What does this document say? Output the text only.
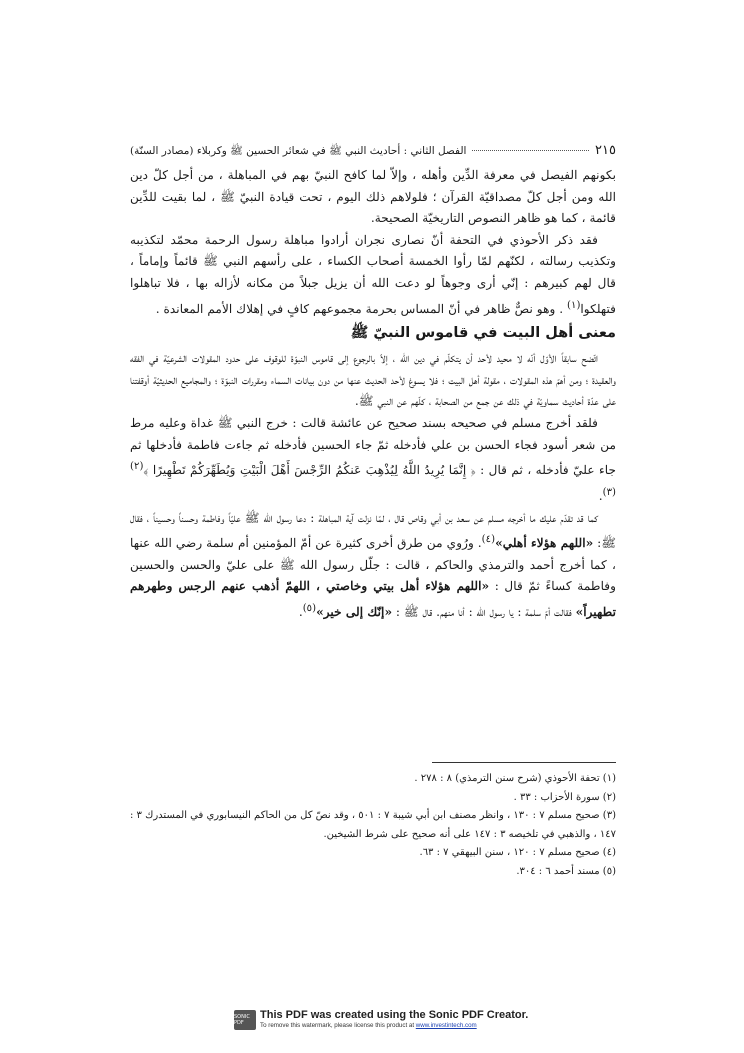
الفصل الثاني : أحاديث النبي ﷺ في شعائر الحسين ﷺ وكربلاء (مصادر السنّة)	٢١٥

بكونهم الفيصل في معرفة الدِّين وأهله ، وإلاّ لما كافح النبيّ بهم في المباهلة ، من أجل كلّ دين الله ومن أجل كلّ مصداقيّة القرآن ؛ فلولاهم ذلك اليوم ، تحت قيادة النبيّ ﷺ ، لما بقيت للدِّين قائمة ، كما هو ظاهر النصوص التاريخيّة الصحيحة.

فقد ذكر الأحوذي في التحفة أنّ نصارى نجران أرادوا مباهلة رسول الرحمة محمّد لتكذيبه وتكذيب رسالته ، لكنّهم لمّا رأوا الخمسة أصحاب الكساء ، على رأسهم النبي ﷺ قائماً وإماماً ، قال لهم كبيرهم : إنّي أرى وجوهاً لو دعت الله أن يزيل جبلاً من مكانه لأزاله بها ، فلا تباهلوا فتهلكوا$^{(١)}$ . وهو نصٌّ ظاهر في أنّ المساس بحرمة مجموعهم كافٍ في إهلاك الأمم المعاندة .

معنى أهل البيت في قاموس النبيّ ﷺ

اتّضح سابقاً الأوّل أنّه لا محيد لأحد أن يتكلّم في دين الله ، إلاّ بالرجوع إلى قاموس النبوّة للوقوف على حدود المقولات الشرعيّة في الفقه والعقيدة ؛ ومن أهمّ هذه المقولات ، مقولة أهل البيت ؛ فلا يسوغ لأحد الحديث عنها من دون بيانات السماء ومقررات النبوّة ؛ والمجاميع الحديثيّة أوقفتنا على عدّة أحاديث سماويّة في ذلك عن جمع من الصحابة ، كلّهم عن النبي ﷺ.

فلقد أخرج مسلم في صحيحه بسند صحيح عن عائشة قالت : خرج النبي ﷺ غداة وعليه مرط من شعر أسود فجاء الحسن بن علي فأدخله ثمّ جاء الحسين فأدخله ثم جاءت فاطمة فأدخلها ثم جاء عليّ فأدخله ، ثم قال : ﴿ إِنَّمَا يُرِيدُ اللَّهُ لِيُذْهِبَ عَنكُمُ الرِّجْسَ أَهْلَ الْبَيْتِ وَيُطَهِّرَكُمْ تَطْهِيرًا ﴾$^{(٢) (٣)}$.

كما قد تقدّم عليك ما أخرجه مسلم عن سعد بن أبي وقاص قال ، لمّا نزلت آية المباهلة : دعا رسول الله ﷺ عليّاً وفاطمة وحسناً وحسيناً ، فقال ﷺ: «اللهم هؤلاء أهلي»$^{(٤)}$. ورُوي من طرق أخرى كثيرة عن أمّ المؤمنين أم سلمة رضي الله عنها ، كما أخرج أحمد والترمذي والحاكم ، قالت : جلّل رسول الله ﷺ على عليّ والحسن والحسين وفاطمة كساءً ثمّ قال : «اللهم هؤلاء أهل بيتي وخاصتي ، اللهمّ أذهب عنهم الرجس وطهرهم تطهيراً» فقالت أمّ سلمة : يا رسول الله : أنا منهم. قال ﷺ : «إنّك إلى خير»$^{(٥)}$.

(١) تحفة الأحوذي (شرح سنن الترمذي) ٨ : ٢٧٨ .
(٢) سورة الأحزاب : ٣٣ .
(٣) صحيح مسلم ٧ : ١٣٠ ، وانظر مصنف ابن أبي شيبة ٧ : ٥٠١ ، وقد نصّ كل من الحاكم النيسابوري في المستدرك ٣ : ١٤٧ ، والذهبي في تلخيصه ٣ : ١٤٧ على أنه صحيح على شرط الشيخين.
(٤) صحيح مسلم ٧ : ١٢٠ ، سنن البيهقي ٧ : ٦٣.
(٥) مسند أحمد ٦ : ٣٠٤.
SONIC PDF
This PDF was created using the Sonic PDF Creator.
To remove this watermark, please license this product at www.investintech.com
